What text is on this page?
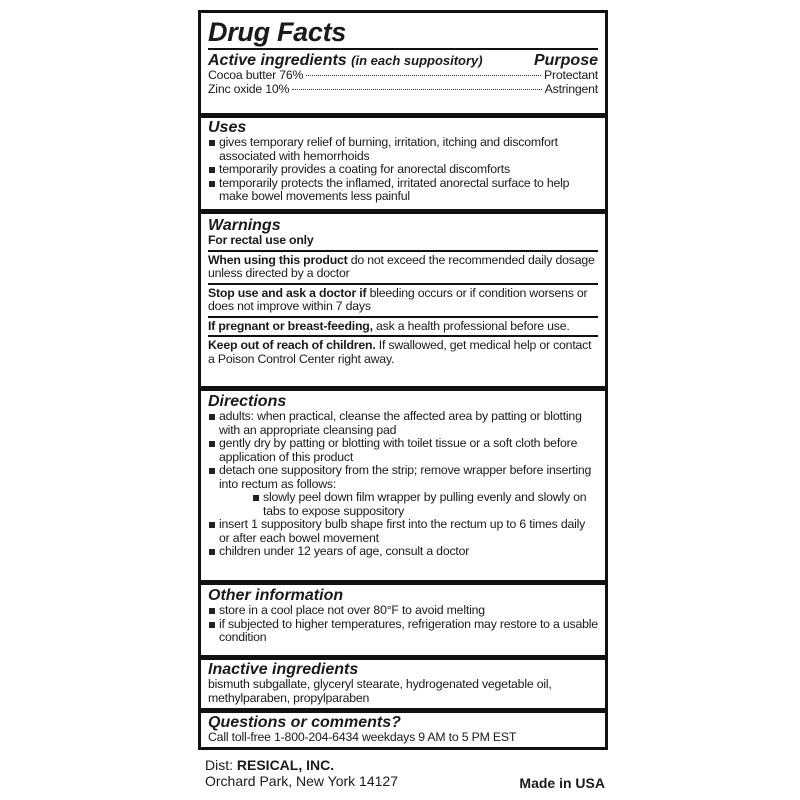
Drug Facts
Active ingredients (in each suppository)	Purpose
Cocoa butter 76%	Protectant
Zinc oxide 10%	Astringent
Uses
gives temporary relief of burning, irritation, itching and discomfort associated with hemorrhoids
temporarily provides a coating for anorectal discomforts
temporarily protects the inflamed, irritated anorectal surface to help make bowel movements less painful
Warnings
For rectal use only
When using this product do not exceed the recommended daily dosage unless directed by a doctor
Stop use and ask a doctor if bleeding occurs or if condition worsens or does not improve within 7 days
If pregnant or breast-feeding, ask a health professional before use.
Keep out of reach of children. If swallowed, get medical help or contact a Poison Control Center right away.
Directions
adults: when practical, cleanse the affected area by patting or blotting with an appropriate cleansing pad
gently dry by patting or blotting with toilet tissue or a soft cloth before application of this product
detach one suppository from the strip; remove wrapper before inserting into rectum as follows:
slowly peel down film wrapper by pulling evenly and slowly on tabs to expose suppository
insert 1 suppository bulb shape first into the rectum up to 6 times daily or after each bowel movement
children under 12 years of age, consult a doctor
Other information
store in a cool place not over 80°F to avoid melting
if subjected to higher temperatures, refrigeration may restore to a usable condition
Inactive ingredients
bismuth subgallate, glyceryl stearate, hydrogenated vegetable oil, methylparaben, propylparaben
Questions or comments?
Call toll-free 1-800-204-6434 weekdays 9 AM to 5 PM EST
Dist: RESICAL, INC.
Orchard Park, New York 14127	Made in USA
